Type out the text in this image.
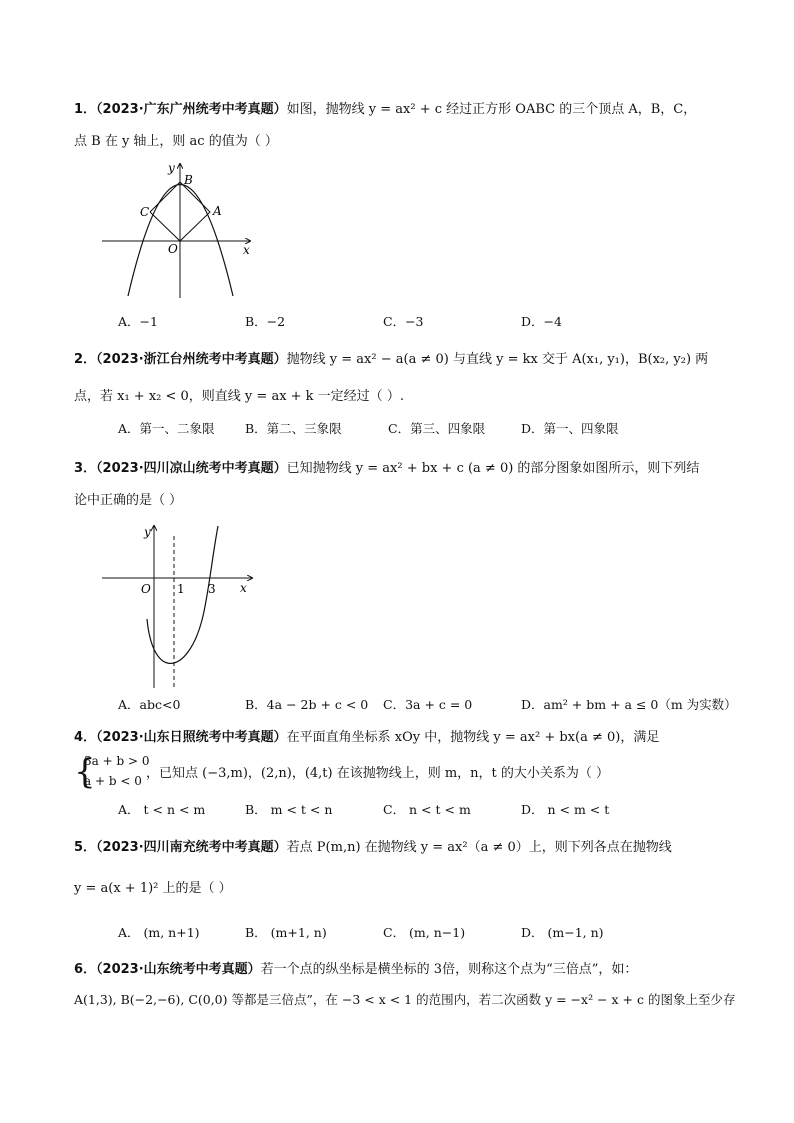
1．（2023·广东广州统考中考真题）如图，抛物线 y = ax² + c 经过正方形 OABC 的三个顶点 A，B，C，
点 B 在 y 轴上，则 ac 的值为（ ）
y
x
O
A
B
C
A．−1	B．−2	C．−3	D．−4
2．（2023·浙江台州统考中考真题）抛物线 y = ax² − a(a ≠ 0) 与直线 y = kx 交于 A(x₁, y₁)，B(x₂, y₂) 两
点，若 x₁ + x₂ < 0，则直线 y = ax + k 一定经过（ ）.
A．第一、二象限 B．第二、三象限	C．第三、四象限	D．第一、四象限
3．（2023·四川凉山统考中考真题）已知抛物线 y = ax² + bx + c (a ≠ 0) 的部分图象如图所示，则下列结
论中正确的是（ ）
y
x
O 1 3
A．abc<0	B．4a − 2b + c < 0 C．3a + c = 0	D．am² + bm + a ≤ 0（m 为实数）
4．（2023·山东日照统考中考真题）在平面直角坐标系 xOy 中，抛物线 y = ax² + bx(a ≠ 0)，满足
{
3a + b > 0
a + b < 0 ，已知点 (−3,m)，(2,n)，(4,t) 在该抛物线上，则 m，n，t 的大小关系为（ ）
A． t < n < m	B． m < t < n	C． n < t < m	D． n < m < t
5．（2023·四川南充统考中考真题）若点 P(m,n) 在抛物线 y = ax²（a ≠ 0）上，则下列各点在抛物线
y = a(x + 1)² 上的是（ ）
A． (m, n+1)	B． (m+1, n)	C． (m, n−1)	D． (m−1, n)
6．（2023·山东统考中考真题）若一个点的纵坐标是横坐标的 3倍，则称这个点为“三倍点”，如：
A(1,3), B(−2,−6), C(0,0) 等都是三倍点”，在 −3 < x < 1 的范围内，若二次函数 y = −x² − x + c 的图象上至少存
